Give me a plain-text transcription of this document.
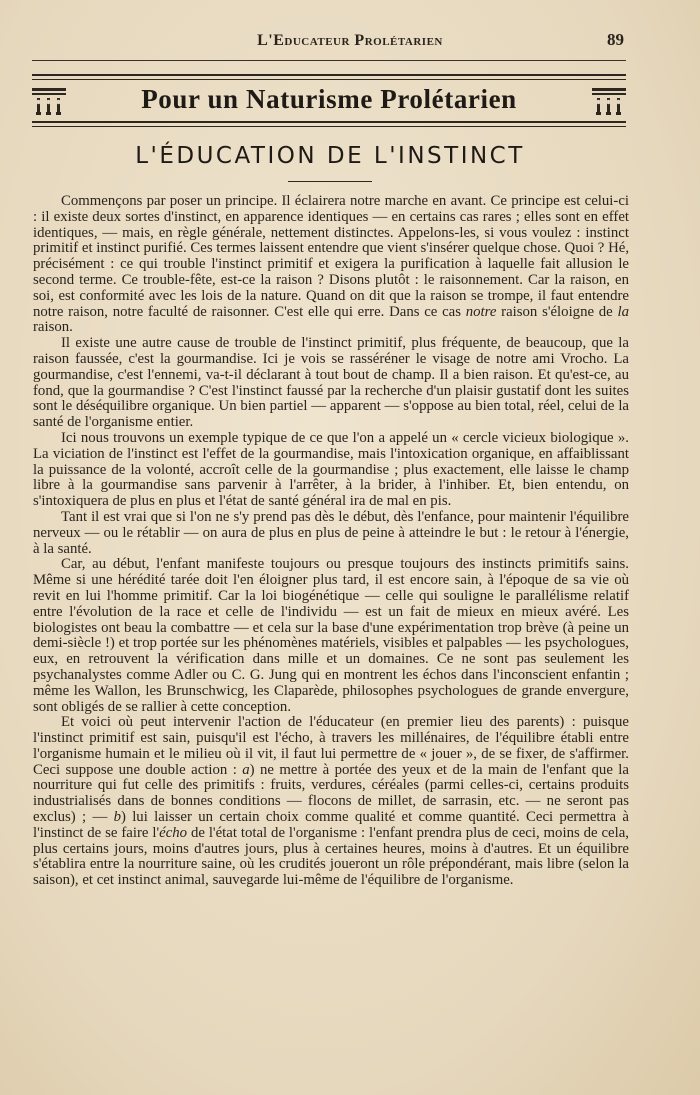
L'Educateur Prolétarien	89
Pour un Naturisme Prolétarien
L'ÉDUCATION DE L'INSTINCT

Commençons par poser un principe. Il éclairera notre marche en avant. Ce principe est celui-ci : il existe deux sortes d'instinct, en apparence identiques — en certains cas rares ; elles sont en effet identiques, — mais, en règle générale, nettement distinctes. Appelons-les, si vous voulez : instinct primitif et instinct purifié. Ces termes laissent entendre que vient s'insérer quelque chose. Quoi ? Hé, précisément : ce qui trouble l'instinct primitif et exigera la purification à laquelle fait allusion le second terme. Ce trouble-fête, est-ce la raison ? Disons plutôt : le raisonnement. Car la raison, en soi, est conformité avec les lois de la nature. Quand on dit que la raison se trompe, il faut entendre notre raison, notre faculté de raisonner. C'est elle qui erre. Dans ce cas notre raison s'éloigne de la raison.

Il existe une autre cause de trouble de l'instinct primitif, plus fréquente, de beaucoup, que la raison faussée, c'est la gourmandise. Ici je vois se rasséréner le visage de notre ami Vrocho. La gourmandise, c'est l'ennemi, va-t-il déclarant à tout bout de champ. Il a bien raison. Et qu'est-ce, au fond, que la gourmandise ? C'est l'instinct faussé par la recherche d'un plaisir gustatif dont les suites sont le déséquilibre organique. Un bien partiel — apparent — s'oppose au bien total, réel, celui de la santé de l'organisme entier.

Ici nous trouvons un exemple typique de ce que l'on a appelé un « cercle vicieux biologique ». La viciation de l'instinct est l'effet de la gourmandise, mais l'intoxication organique, en affaiblissant la puissance de la volonté, accroît celle de la gourmandise ; plus exactement, elle laisse le champ libre à la gourmandise sans parvenir à l'arrêter, à la brider, à l'inhiber. Et, bien entendu, on s'intoxiquera de plus en plus et l'état de santé général ira de mal en pis.

Tant il est vrai que si l'on ne s'y prend pas dès le début, dès l'enfance, pour maintenir l'équilibre nerveux — ou le rétablir — on aura de plus en plus de peine à atteindre le but : le retour à l'énergie, à la santé.

Car, au début, l'enfant manifeste toujours ou presque toujours des instincts primitifs sains. Même si une hérédité tarée doit l'en éloigner plus tard, il est encore sain, à l'époque de sa vie où revit en lui l'homme primitif. Car la loi biogénétique — celle qui souligne le parallélisme relatif entre l'évolution de la race et celle de l'individu — est un fait de mieux en mieux avéré. Les biologistes ont beau la combattre — et cela sur la base d'une expérimentation trop brève (à peine un demi-siècle !) et trop portée sur les phénomènes matériels, visibles et palpables — les psychologues, eux, en retrouvent la vérification dans mille et un domaines. Ce ne sont pas seulement les psychanalystes comme Adler ou C. G. Jung qui en montrent les échos dans l'inconscient enfantin ; même les Wallon, les Brunschwicg, les Claparède, philosophes psychologues de grande envergure, sont obligés de se rallier à cette conception.

Et voici où peut intervenir l'action de l'éducateur (en premier lieu des parents) : puisque l'instinct primitif est sain, puisqu'il est l'écho, à travers les millénaires, de l'équilibre établi entre l'organisme humain et le milieu où il vit, il faut lui permettre de « jouer », de se fixer, de s'affirmer. Ceci suppose une double action : a) ne mettre à portée des yeux et de la main de l'enfant que la nourriture qui fut celle des primitifs : fruits, verdures, céréales (parmi celles-ci, certains produits industrialisés dans de bonnes conditions — flocons de millet, de sarrasin, etc. — ne seront pas exclus) ; — b) lui laisser un certain choix comme qualité et comme quantité. Ceci permettra à l'instinct de se faire l'écho de l'état total de l'organisme : l'enfant prendra plus de ceci, moins de cela, plus certains jours, moins d'autres jours, plus à certaines heures, moins à d'autres. Et un équilibre s'établira entre la nourriture saine, où les crudités joueront un rôle prépondérant, mais libre (selon la saison), et cet instinct animal, sauvegarde lui-même de l'équilibre de l'organisme.
